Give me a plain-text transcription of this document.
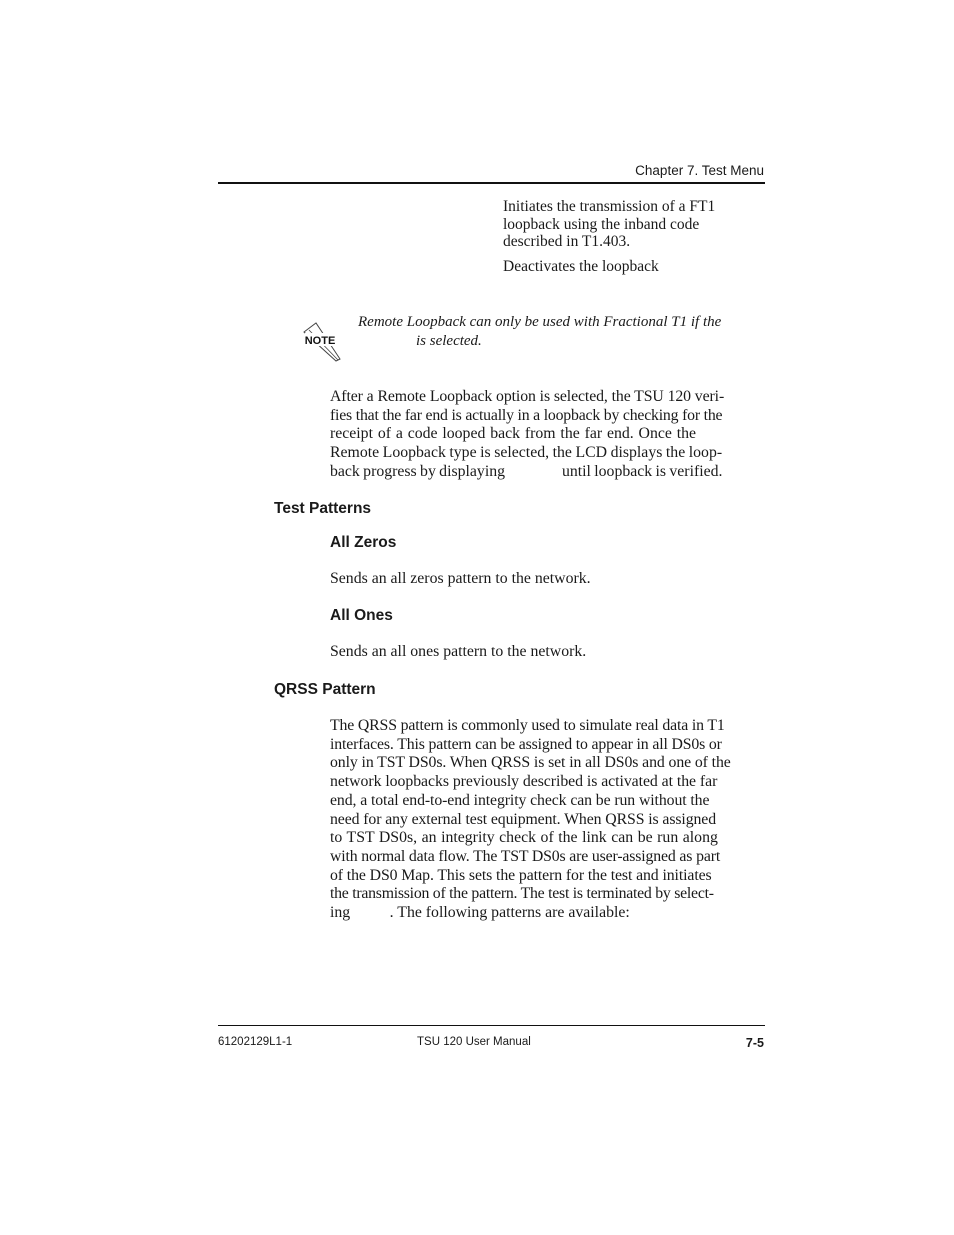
Chapter 7. Test Menu
Initiates the transmission of a FT1
loopback using the inband code
described in T1.403.
Deactivates the loopback
NOTE
Remote Loopback can only be used with Fractional T1 if the
is selected.
After a Remote Loopback option is selected, the TSU 120 veri-
fies that the far end is actually in a loopback by checking for the
receipt of a code looped back from the far end. Once the
Remote Loopback type is selected, the LCD displays the loop-
back progress by displaying                 until loopback is verified.
Test Patterns
All Zeros
Sends an all zeros pattern to the network.
All Ones
Sends an all ones pattern to the network.
QRSS Pattern
The QRSS pattern is commonly used to simulate real data in T1
interfaces. This pattern can be assigned to appear in all DS0s or
only in TST DS0s. When QRSS is set in all DS0s and one of the
network loopbacks previously described is activated at the far
end, a total end-to-end integrity check can be run without the
need for any external test equipment. When QRSS is assigned
to TST DS0s, an integrity check of the link can be run along
with normal data flow. The TST DS0s are user-assigned as part
of the DS0 Map. This sets the pattern for the test and initiates
the transmission of the pattern. The test is terminated by select-
ing          . The following patterns are available:
61202129L1-1	TSU 120 User Manual	7-5
